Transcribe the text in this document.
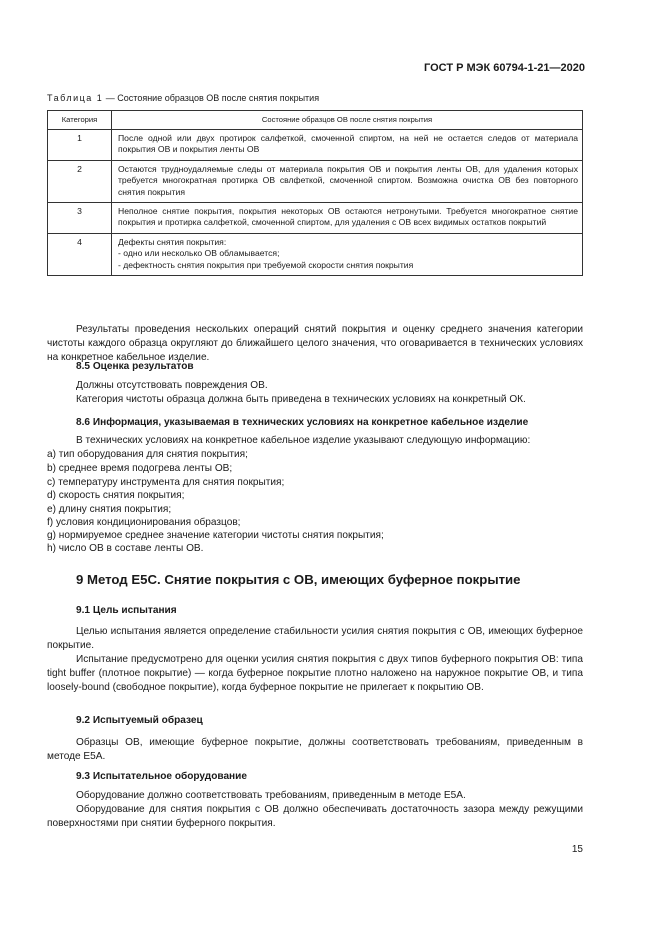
ГОСТ Р МЭК 60794-1-21—2020
Таблица 1 — Состояние образцов ОВ после снятия покрытия
Категория	Состояние образцов ОВ после снятия покрытия
1	После одной или двух протирок салфеткой, смоченной спиртом, на ней не остается следов от материала покрытия ОВ и покрытия ленты ОВ

2	Остаются трудноудаляемые следы от материала покрытия ОВ и покрытия ленты ОВ, для удаления которых требуется многократная протирка ОВ свлфеткой, смоченной спиртом. Возможна очистка ОВ без повторного снятия покрытия

3	Неполное снятие покрытия, покрытия некоторых ОВ остаются нетронутыми. Требуется многократное снятие покрытия и протирка салфеткой, смоченной спиртом, для удаления с ОВ всех видимых остатков покрытий

4	Дефекты снятия покрытия:
- одно или несколько ОВ обламывается;
- дефектность снятия покрытия при требуемой скорости снятия покрытия

Результаты проведения нескольких операций снятий покрытия и оценку среднего значения категории чистоты каждого образца округляют до ближайшего целого значения, что оговаривается в технических условиях на конкретное кабельное изделие.

8.5 Оценка результатов
Должны отсутствовать повреждения ОВ.
Категория чистоты образца должна быть приведена в технических условиях на конкретный ОК.
8.6 Информация, указываемая в технических условиях на конкретное кабельное изделие
В технических условиях на конкретное кабельное изделие указывают следующую информацию:
a) тип оборудования для снятия покрытия;
b) среднее время подогрева ленты ОВ;
c) температуру инструмента для снятия покрытия;
d) скорость снятия покрытия;
e) длину снятия покрытия;
f) условия кондиционирования образцов;
g) нормируемое среднее значение категории чистоты снятия покрытия;
h) число ОВ в составе ленты ОВ.
9 Метод E5C. Снятие покрытия с ОВ, имеющих буферное покрытие
9.1 Цель испытания

Целью испытания является определение стабильности усилия снятия покрытия с ОВ, имеющих буферное покрытие.

Испытание предусмотрено для оценки усилия снятия покрытия с двух типов буферного покрытия ОВ: типа tight buffer (плотное покрытие) — когда буферное покрытие плотно наложено на наружное покрытие ОВ, и типа loosely-bound (свободное покрытие), когда буферное покрытие не прилегает к покрытию ОВ.

9.2 Испытуемый образец

Образцы ОВ, имеющие буферное покрытие, должны соответствовать требованиям, приведенным в методе E5A.

9.3 Испытательное оборудование
Оборудование должно соответствовать требованиям, приведенным в методе E5A.

Оборудование для снятия покрытия с ОВ должно обеспечивать достаточность зазора между режущими поверхностями при снятии буферного покрытия.

15
